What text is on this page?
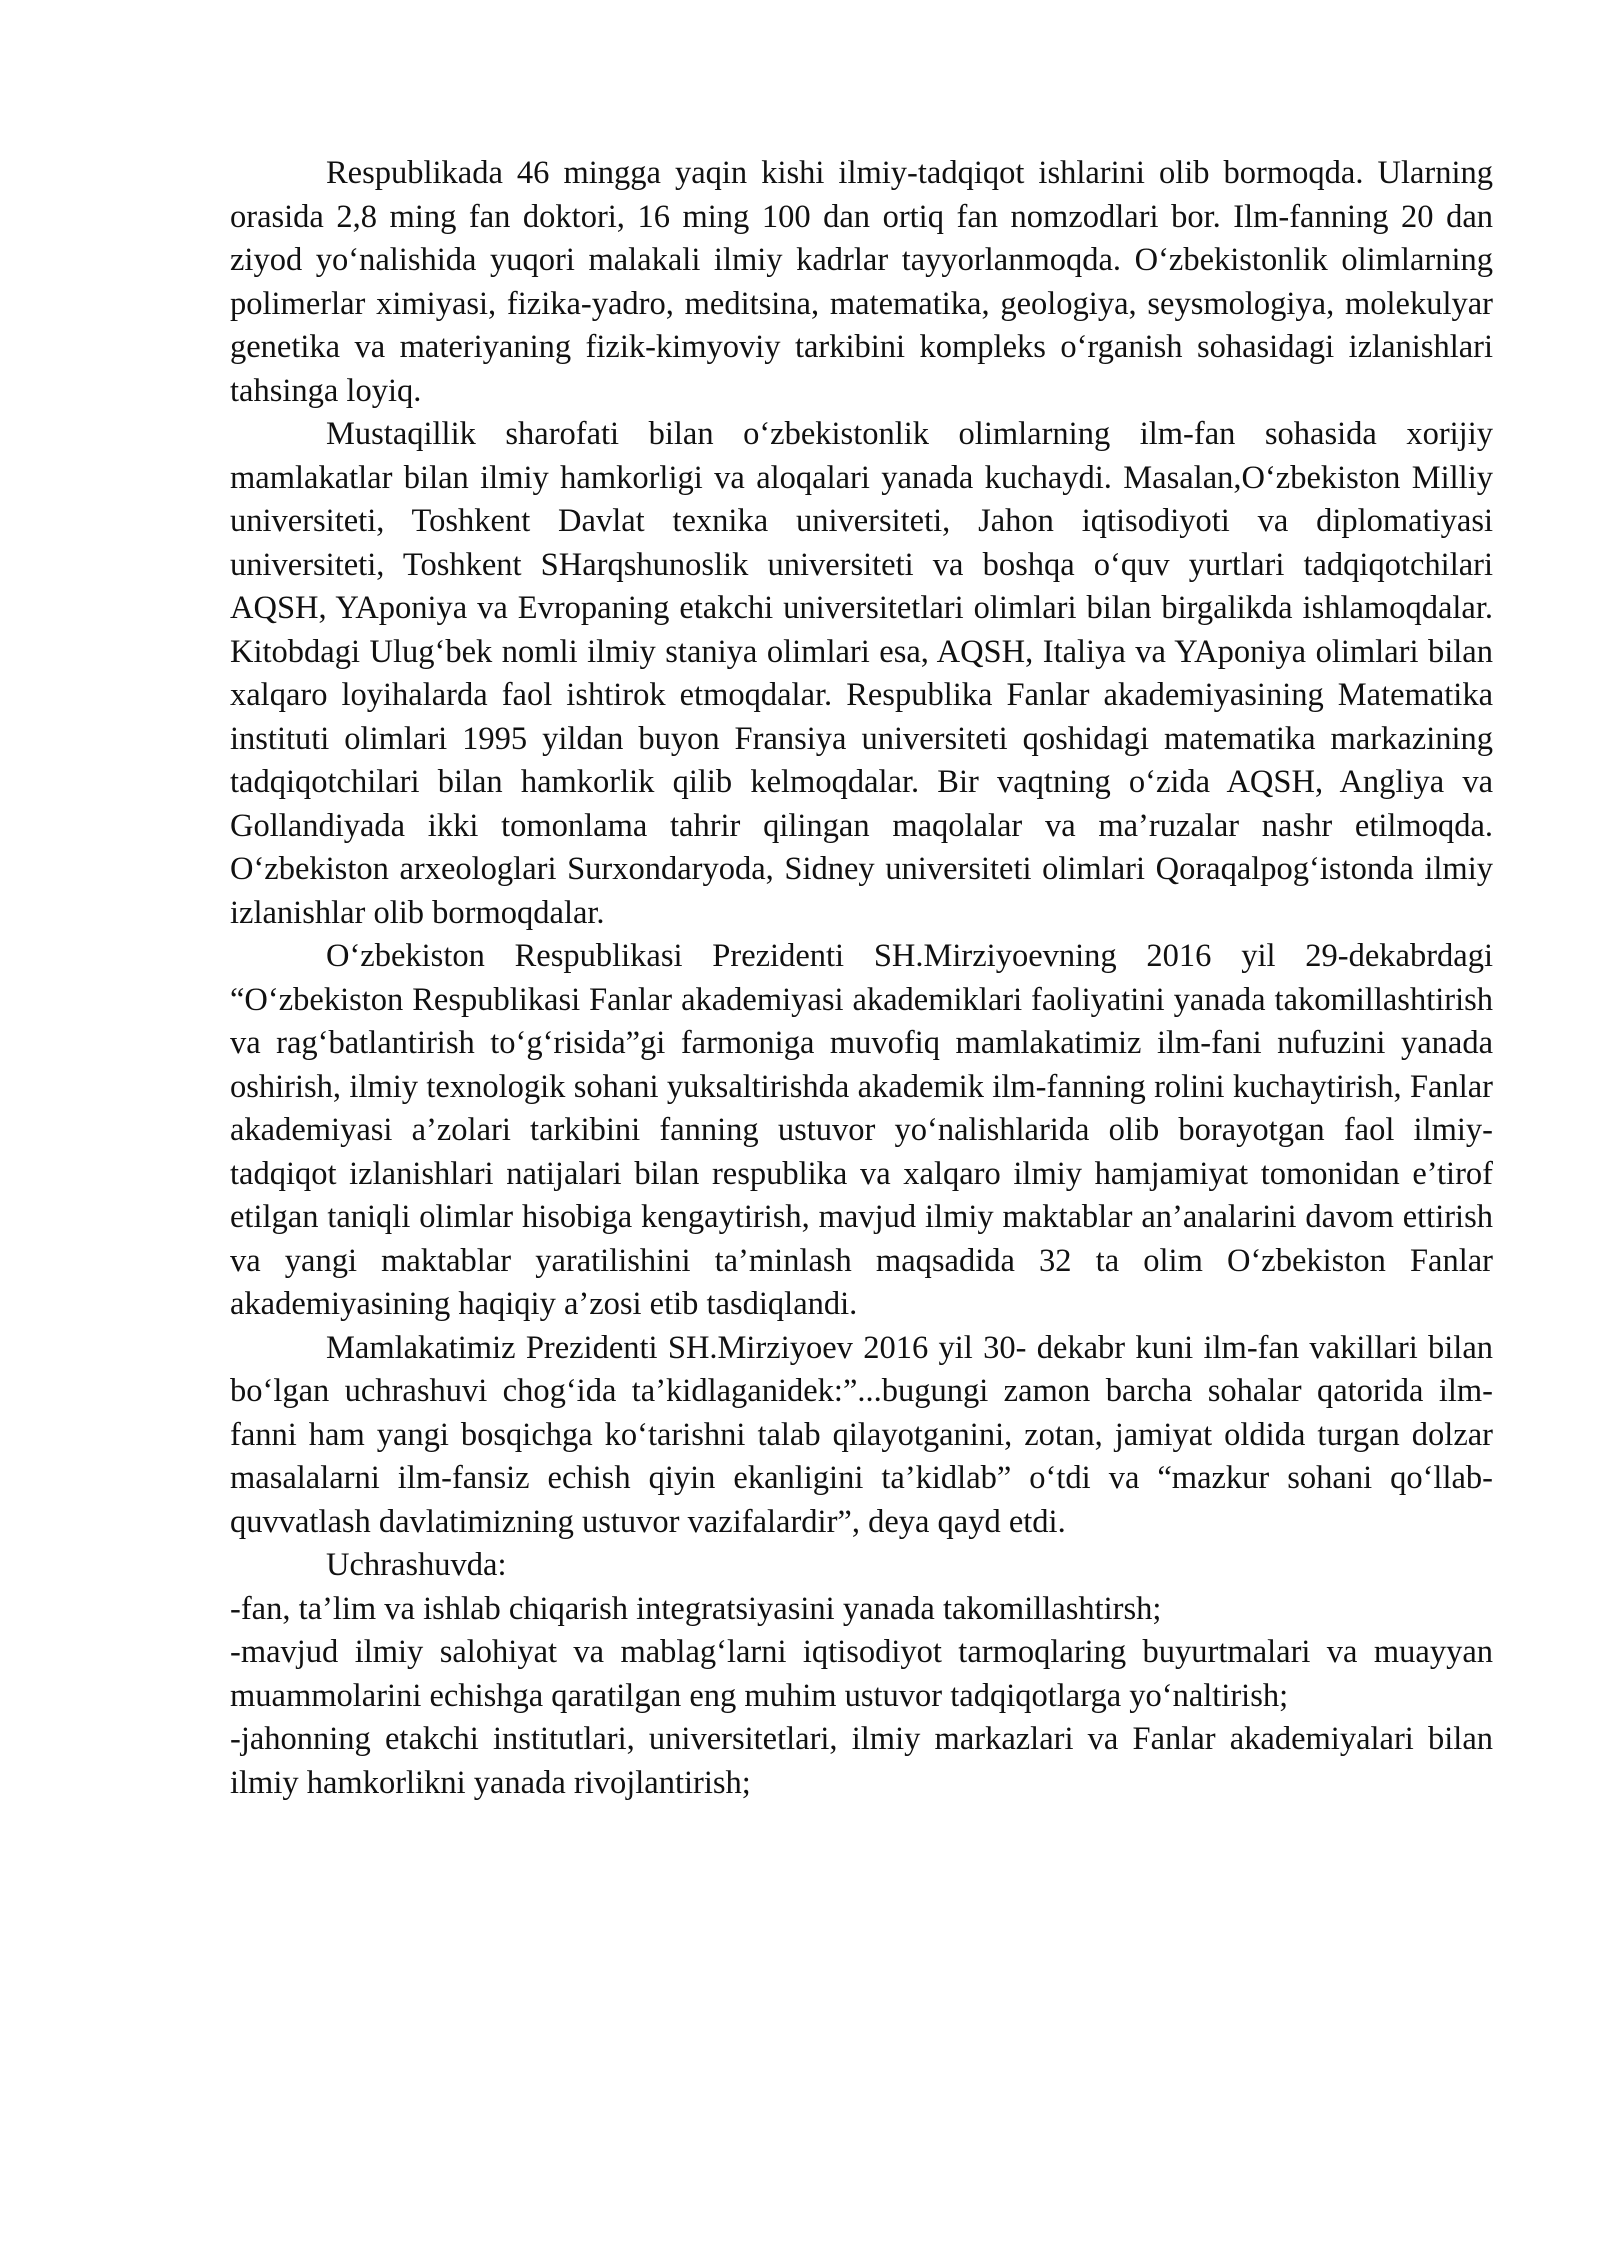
Respublikada 46 mingga yaqin kishi ilmiy-tadqiqot ishlarini olib bormoqda. Ularning orasida 2,8 ming fan doktori, 16 ming 100 dan ortiq fan nomzodlari bor. Ilm-fanning 20 dan ziyod yo‘nalishida yuqori malakali ilmiy kadrlar tayyorlanmoqda. O‘zbekistonlik olimlarning polimerlar ximiyasi, fizika-yadro, meditsina, matematika, geologiya, seysmologiya, molekulyar genetika va materiyaning fizik-kimyoviy tarkibini kompleks o‘rganish sohasidagi izlanishlari tahsinga loyiq.

Mustaqillik sharofati bilan o‘zbekistonlik olimlarning ilm-fan sohasida xorijiy mamlakatlar bilan ilmiy hamkorligi va aloqalari yanada kuchaydi. Masalan,O‘zbekiston Milliy universiteti, Toshkent Davlat texnika universiteti, Jahon iqtisodiyoti va diplomatiyasi universiteti, Toshkent SHarqshunoslik universiteti va boshqa o‘quv yurtlari tadqiqotchilari AQSH, YAponiya va Evropaning etakchi universitetlari olimlari bilan birgalikda ishlamoqdalar. Kitobdagi Ulug‘bek nomli ilmiy staniya olimlari esa, AQSH, Italiya va YAponiya olimlari bilan xalqaro loyihalarda faol ishtirok etmoqdalar. Respublika Fanlar akademiyasining Matematika instituti olimlari 1995 yildan buyon Fransiya universiteti qoshidagi matematika markazining tadqiqotchilari bilan hamkorlik qilib kelmoqdalar. Bir vaqtning o‘zida AQSH, Angliya va Gollandiyada ikki tomonlama tahrir qilingan maqolalar va ma’ruzalar nashr etilmoqda. O‘zbekiston arxeologlari Surxondaryoda, Sidney universiteti olimlari Qoraqalpog‘istonda ilmiy izlanishlar olib bormoqdalar.

O‘zbekiston Respublikasi Prezidenti SH.Mirziyoevning 2016 yil 29-dekabrdagi “O‘zbekiston Respublikasi Fanlar akademiyasi akademiklari faoliyatini yanada takomillashtirish va rag‘batlantirish to‘g‘risida”gi farmoniga muvofiq mamlakatimiz ilm-fani nufuzini yanada oshirish, ilmiy texnologik sohani yuksaltirishda akademik ilm-fanning rolini kuchaytirish, Fanlar akademiyasi a’zolari tarkibini fanning ustuvor yo‘nalishlarida olib borayotgan faol ilmiy-tadqiqot izlanishlari natijalari bilan respublika va xalqaro ilmiy hamjamiyat tomonidan e’tirof etilgan taniqli olimlar hisobiga kengaytirish, mavjud ilmiy maktablar an’analarini davom ettirish va yangi maktablar yaratilishini ta’minlash maqsadida 32 ta olim O‘zbekiston Fanlar akademiyasining haqiqiy a’zosi etib tasdiqlandi.

Mamlakatimiz Prezidenti SH.Mirziyoev 2016 yil 30- dekabr kuni ilm-fan vakillari bilan bo‘lgan uchrashuvi chog‘ida ta’kidlaganidek:”...bugungi zamon barcha sohalar qatorida ilm-fanni ham yangi bosqichga ko‘tarishni talab qilayotganini, zotan, jamiyat oldida turgan dolzar masalalarni ilm-fansiz echish qiyin ekanligini ta’kidlab” o‘tdi va “mazkur sohani qo‘llab-quvvatlash davlatimizning ustuvor vazifalardir”, deya qayd etdi.

Uchrashuvda:

-fan, ta’lim va ishlab chiqarish integratsiyasini yanada takomillashtirsh;

-mavjud ilmiy salohiyat va mablag‘larni iqtisodiyot tarmoqlaring buyurtmalari va muayyan muammolarini echishga qaratilgan eng muhim ustuvor tadqiqotlarga yo‘naltirish;

-jahonning etakchi institutlari, universitetlari, ilmiy markazlari va Fanlar akademiyalari bilan ilmiy hamkorlikni yanada rivojlantirish;
